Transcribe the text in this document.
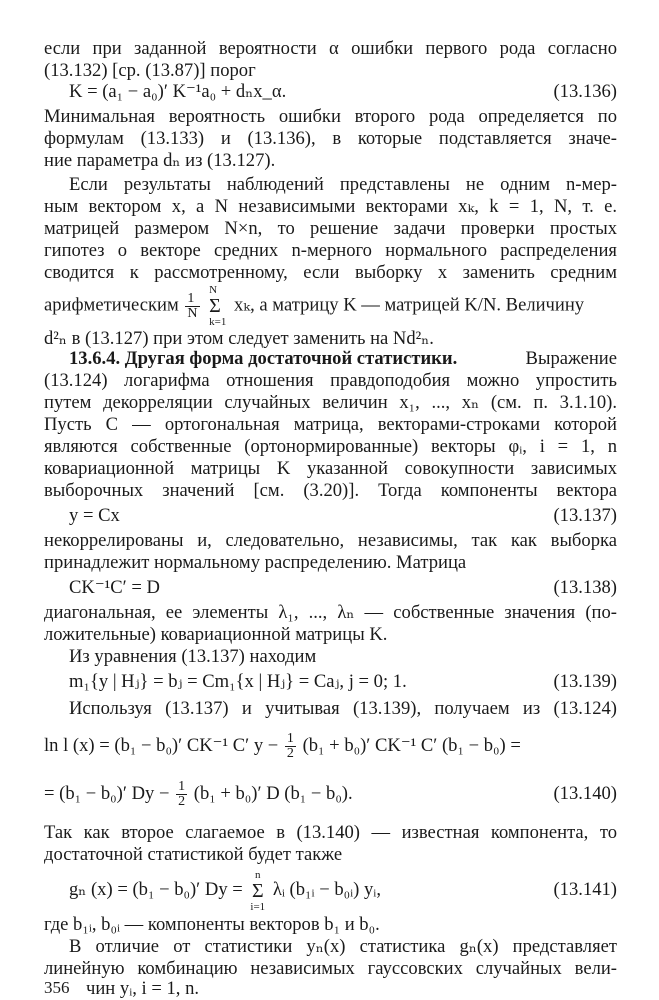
если при заданной вероятности α ошибки первого рода согласно
(13.132) [ср. (13.87)] порог
K = (a₁ − a₀)′ K⁻¹a₀ + dₙx_α.	(13.136)
Минимальная вероятность ошибки второго рода определяется по
формулам (13.133) и (13.136), в которые подставляется значе-
ние параметра dₙ из (13.127).
Если результаты наблюдений представлены не одним n-мер-
ным вектором x, а N независимыми векторами xₖ, k = 1, N, т. е.
матрицей размером N×n, то решение задачи проверки простых
гипотез о векторе средних n-мерного нормального распределения
сводится к рассмотренному, если выборку x заменить средним
арифметическим $\frac{1}{N}$
N
Σ
k=1 xₖ, а матрицу K — матрицей K/N. Величину
d²ₙ в (13.127) при этом следует заменить на Nd²ₙ.
13.6.4. Другая форма достаточной статистики.	Выражение
(13.124) логарифма отношения правдоподобия можно упростить
путем декорреляции случайных величин x₁, ..., xₙ (см. п. 3.1.10).
Пусть C — ортогональная матрица, векторами-строками которой
являются собственные (ортонормированные) векторы φᵢ, i = 1, n
ковариационной матрицы K указанной совокупности зависимых
выборочных значений [см. (3.20)]. Тогда компоненты вектора
y = Cx	(13.137)
некоррелированы и, следовательно, независимы, так как выборка
принадлежит нормальному распределению. Матрица
CK⁻¹C′ = D	(13.138)
диагональная, ее элементы λ₁, ..., λₙ — собственные значения (по-
ложительные) ковариационной матрицы K.
Из уравнения (13.137) находим
m₁{y | Hⱼ} = bⱼ = Cm₁{x | Hⱼ} = Caⱼ, j = 0; 1.	(13.139)
Используя (13.137) и учитывая (13.139), получаем из (13.124)
ln l (x) = (b₁ − b₀)′ CK⁻¹ C′ $y - \frac{1}{2} (b_1 + b_0)'$ CK⁻¹ C′ (b₁ − b₀) =
= (b₁ − b₀)′ $Dy - \frac{1}{2} (b_1 + b_0)'$ D (b₁ − b₀).	(13.140)
Так как второе слагаемое в (13.140) — известная компонента, то
достаточной статистикой будет также
gₙ (x) = (b₁ − b₀)′ Dy = n
Σ
i=1 λᵢ (b₁ᵢ − b₀ᵢ) yᵢ,	(13.141)
где b₁ᵢ, b₀ᵢ — компоненты векторов b₁ и b₀.
В отличие от статистики yₙ(x) статистика gₙ(x) представляет
линейную комбинацию независимых гауссовских случайных вели-
чин yᵢ, i = 1, n.
356
